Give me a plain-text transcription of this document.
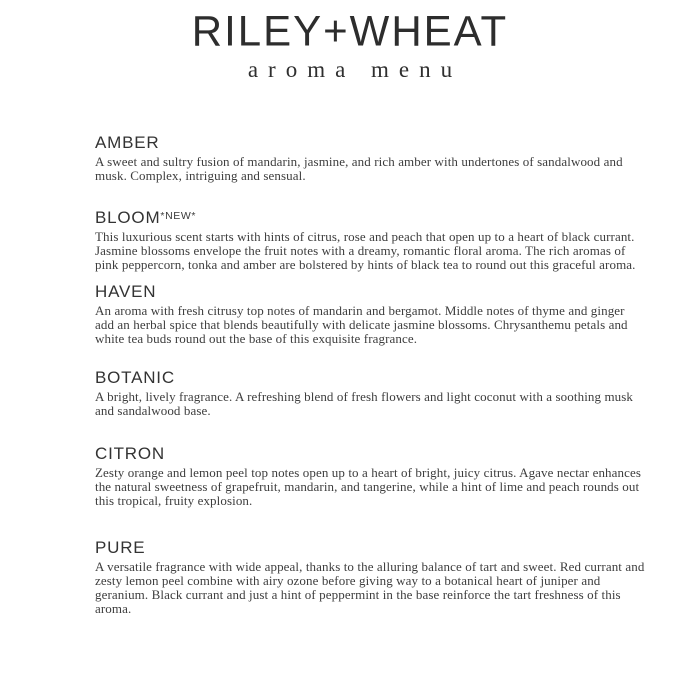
RILEY+WHEAT
aroma menu
AMBER
A sweet and sultry fusion of mandarin, jasmine, and rich amber with undertones of sandalwood and musk. Complex, intriguing and sensual.
$BLOOM^{*NEW*}$
This luxurious scent starts with hints of citrus, rose and peach that open up to a heart of black currant. Jasmine blossoms envelope the fruit notes with a dreamy, romantic floral aroma. The rich aromas of pink peppercorn, tonka and amber are bolstered by hints of black tea to round out this graceful aroma.
HAVEN
An aroma with fresh citrusy top notes of mandarin and bergamot. Middle notes of thyme and ginger add an herbal spice that blends beautifully with delicate jasmine blossoms. Chrysanthemu petals and white tea buds round out the base of this exquisite fragrance.
BOTANIC
A bright, lively fragrance. A refreshing blend of fresh flowers and light coconut with a soothing musk and sandalwood base.
CITRON
Zesty orange and lemon peel top notes open up to a heart of bright, juicy citrus. Agave nectar enhances the natural sweetness of grapefruit, mandarin, and tangerine, while a hint of lime and peach rounds out this tropical, fruity explosion.
PURE
A versatile fragrance with wide appeal, thanks to the alluring balance of tart and sweet. Red currant and zesty lemon peel combine with airy ozone before giving way to a botanical heart of juniper and geranium. Black currant and just a hint of peppermint in the base reinforce the tart freshness of this aroma.
